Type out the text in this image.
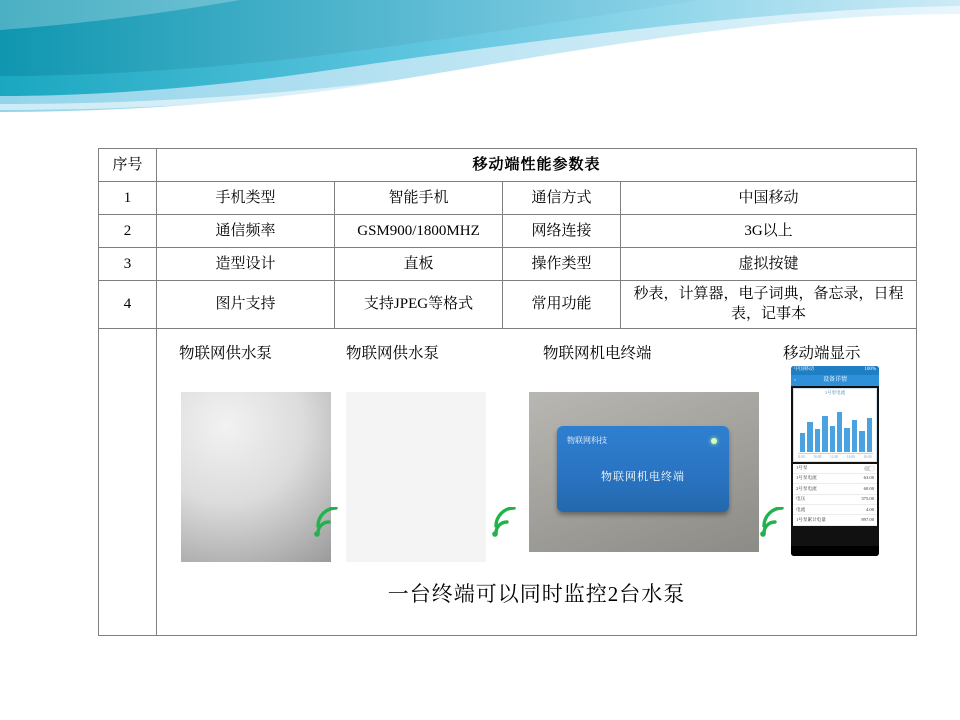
序号	移动端性能参数表			
1	手机类型	智能手机	通信方式	中国移动
2	通信频率	GSM900/1800MHZ	网络连接	3G以上
3	造型设计	直板	操作类型	虚拟按键
4	图片支持	支持JPEG等格式	常用功能	秒表，计算器，电子词典，备忘录，日程表，记事本

物联网供水泵	物联网供水泵	物联网机电终端	移动端显示
物联网科技
物联网机电终端
中国移动	100%
‹	设备详情
1号泵电流
8:00 10:00 12:00 14:00 16:00
1号泵
1号泵电流	63.00
2号泵电流	60.00
电压	375.00
电流	4.00
1号泵累计电量	897.00
一台终端可以同时监控2台水泵
